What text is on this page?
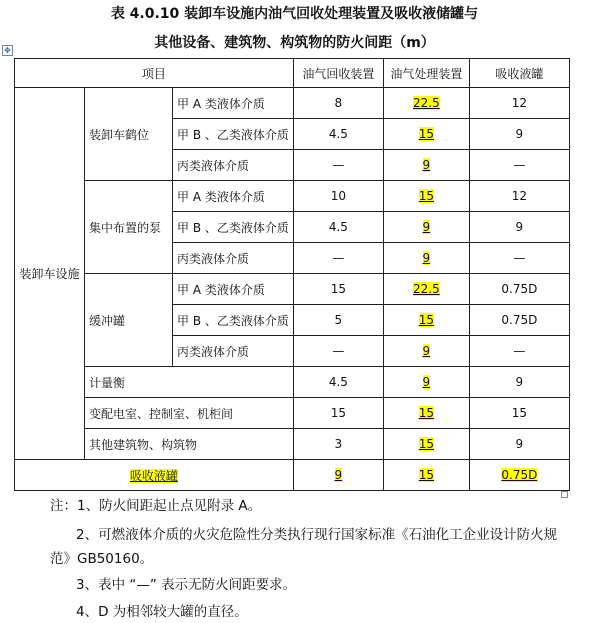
表 4.0.10 装卸车设施内油气回收处理装置及吸收液储罐与
其他设备、建筑物、构筑物的防火间距（m）
✥
项目			油气回收装置	油气处理装置	吸收液罐
装卸车设施	装卸车鹤位	甲 A 类液体介质	8	22.5	12
		甲 B 、乙类液体介质	4.5	15	9
		丙类液体介质	—	9	—
	集中布置的泵	甲 A 类液体介质	10	15	12
		甲 B 、乙类液体介质	4.5	9	9
		丙类液体介质	—	9	—
	缓冲罐	甲 A 类液体介质	15	22.5	0.75D
		甲 B 、乙类液体介质	5	15	0.75D
		丙类液体介质	—	9	—
	计量衡		4.5	9	9
	变配电室、控制室、机柜间		15	15	15
	其他建筑物、构筑物		3	15	9
吸收液罐			9	15	0.75D
注：1、防火间距起止点见附录 A。
2、可燃液体介质的火灾危险性分类执行现行国家标准《石油化工企业设计防火规
范》GB50160。
3、表中 “—” 表示无防火间距要求。
4、D 为相邻较大罐的直径。
